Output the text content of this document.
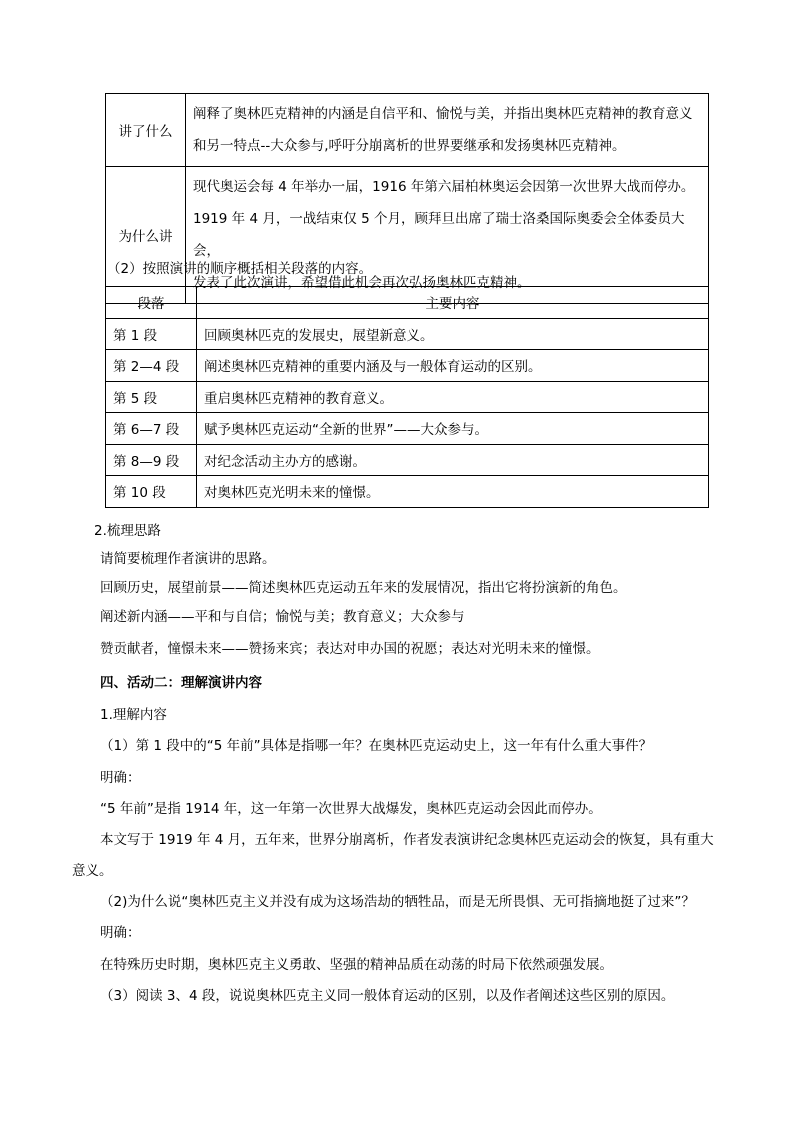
讲了什么	阐释了奥林匹克精神的内涵是自信平和、愉悦与美，并指出奥林匹克精神的教育意义
和另一特点--大众参与,呼吁分崩离析的世界要继承和发扬奥林匹克精神。

为什么讲	现代奥运会每 4 年举办一届，1916 年第六届柏林奥运会因第一次世界大战而停办。
1919 年 4 月，一战结束仅 5 个月，顾拜旦出席了瑞士洛桑国际奥委会全体委员大会，
发表了此次演讲，希望借此机会再次弘扬奥林匹克精神。
（2）按照演讲的顺序概括相关段落的内容。
段落	主要内容
第 1 段	回顾奥林匹克的发展史，展望新意义。
第 2—4 段	阐述奥林匹克精神的重要内涵及与一般体育运动的区别。
第 5 段	重启奥林匹克精神的教育意义。
第 6—7 段	赋予奥林匹克运动“全新的世界”——大众参与。
第 8—9 段	对纪念活动主办方的感谢。
第 10 段	对奥林匹克光明未来的憧憬。
2.梳理思路
请简要梳理作者演讲的思路。
回顾历史，展望前景——简述奥林匹克运动五年来的发展情况，指出它将扮演新的角色。
阐述新内涵——平和与自信；愉悦与美；教育意义；大众参与
赞贡献者，憧憬未来——赞扬来宾；表达对申办国的祝愿；表达对光明未来的憧憬。
四、活动二：理解演讲内容
1.理解内容
（1）第 1 段中的“5 年前”具体是指哪一年？在奥林匹克运动史上，这一年有什么重大事件？
明确：
“5 年前”是指 1914 年，这一年第一次世界大战爆发，奥林匹克运动会因此而停办。
本文写于 1919 年 4 月，五年来，世界分崩离析，作者发表演讲纪念奥林匹克运动会的恢复，具有重大
意义。
（2)为什么说“奥林匹克主义并没有成为这场浩劫的牺牲品，而是无所畏惧、无可指摘地挺了过来”？
明确：
在特殊历史时期，奥林匹克主义勇敢、坚强的精神品质在动荡的时局下依然顽强发展。
（3）阅读 3、4 段，说说奥林匹克主义同一般体育运动的区别，以及作者阐述这些区别的原因。
